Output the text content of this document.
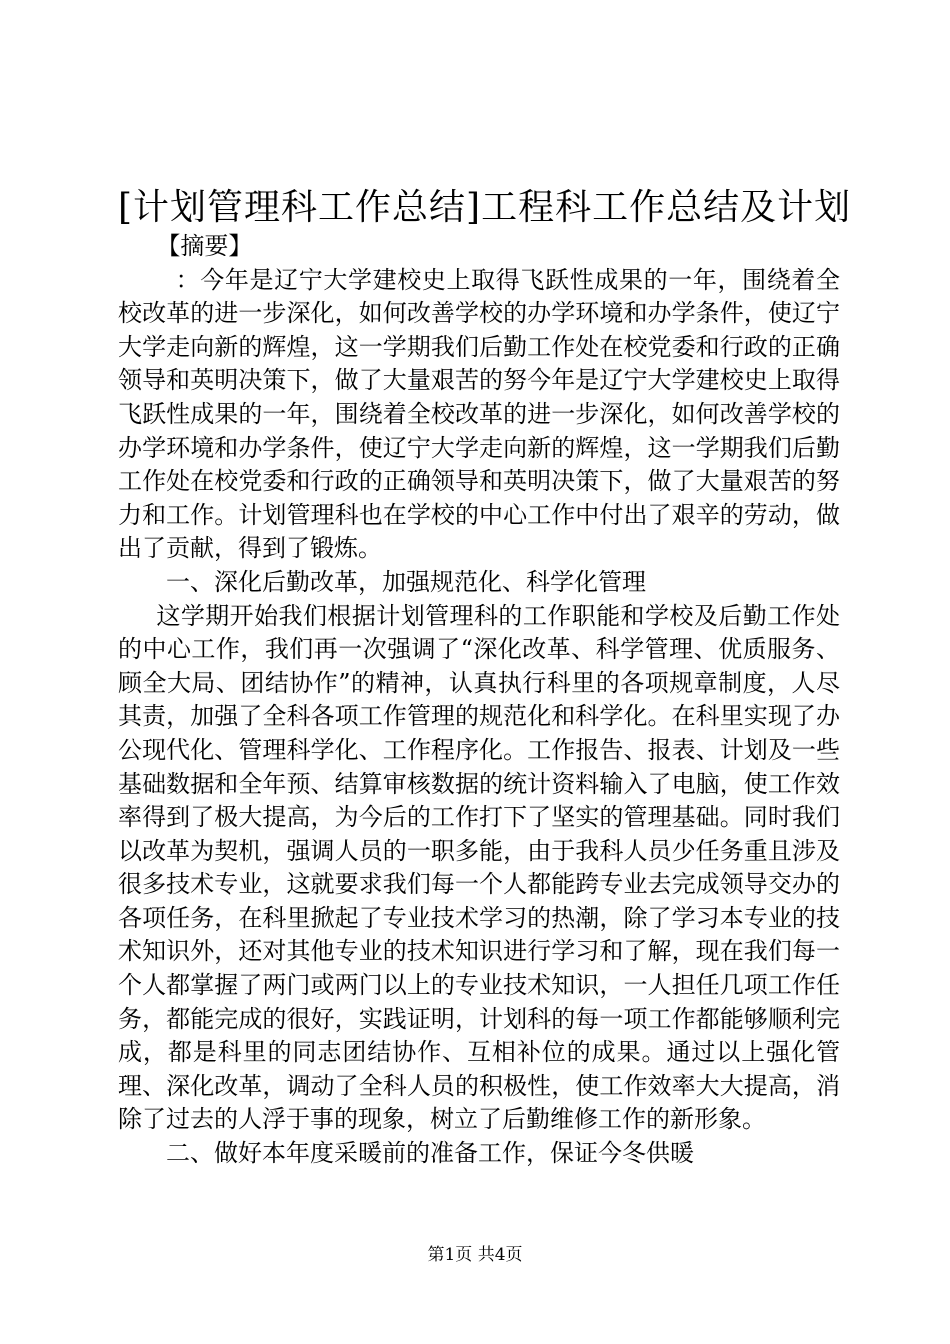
[计划管理科工作总结]工程科工作总结及计划

【摘要】

：今年是辽宁大学建校史上取得飞跃性成果的一年，围绕着全校改革的进一步深化，如何改善学校的办学环境和办学条件，使辽宁大学走向新的辉煌，这一学期我们后勤工作处在校党委和行政的正确领导和英明决策下，做了大量艰苦的努今年是辽宁大学建校史上取得飞跃性成果的一年，围绕着全校改革的进一步深化，如何改善学校的办学环境和办学条件，使辽宁大学走向新的辉煌，这一学期我们后勤工作处在校党委和行政的正确领导和英明决策下，做了大量艰苦的努力和工作。计划管理科也在学校的中心工作中付出了艰辛的劳动，做出了贡献，得到了锻炼。

一、深化后勤改革，加强规范化、科学化管理

这学期开始我们根据计划管理科的工作职能和学校及后勤工作处的中心工作，我们再一次强调了“深化改革、科学管理、优质服务、顾全大局、团结协作”的精神，认真执行科里的各项规章制度，人尽其责，加强了全科各项工作管理的规范化和科学化。在科里实现了办公现代化、管理科学化、工作程序化。工作报告、报表、计划及一些基础数据和全年预、结算审核数据的统计资料输入了电脑，使工作效率得到了极大提高，为今后的工作打下了坚实的管理基础。同时我们以改革为契机，强调人员的一职多能，由于我科人员少任务重且涉及很多技术专业，这就要求我们每一个人都能跨专业去完成领导交办的各项任务，在科里掀起了专业技术学习的热潮，除了学习本专业的技术知识外，还对其他专业的技术知识进行学习和了解，现在我们每一个人都掌握了两门或两门以上的专业技术知识，一人担任几项工作任务，都能完成的很好，实践证明，计划科的每一项工作都能够顺利完成，都是科里的同志团结协作、互相补位的成果。通过以上强化管理、深化改革，调动了全科人员的积极性，使工作效率大大提高，消除了过去的人浮于事的现象，树立了后勤维修工作的新形象。

二、做好本年度采暖前的准备工作，保证今冬供暖

第1页 共4页
